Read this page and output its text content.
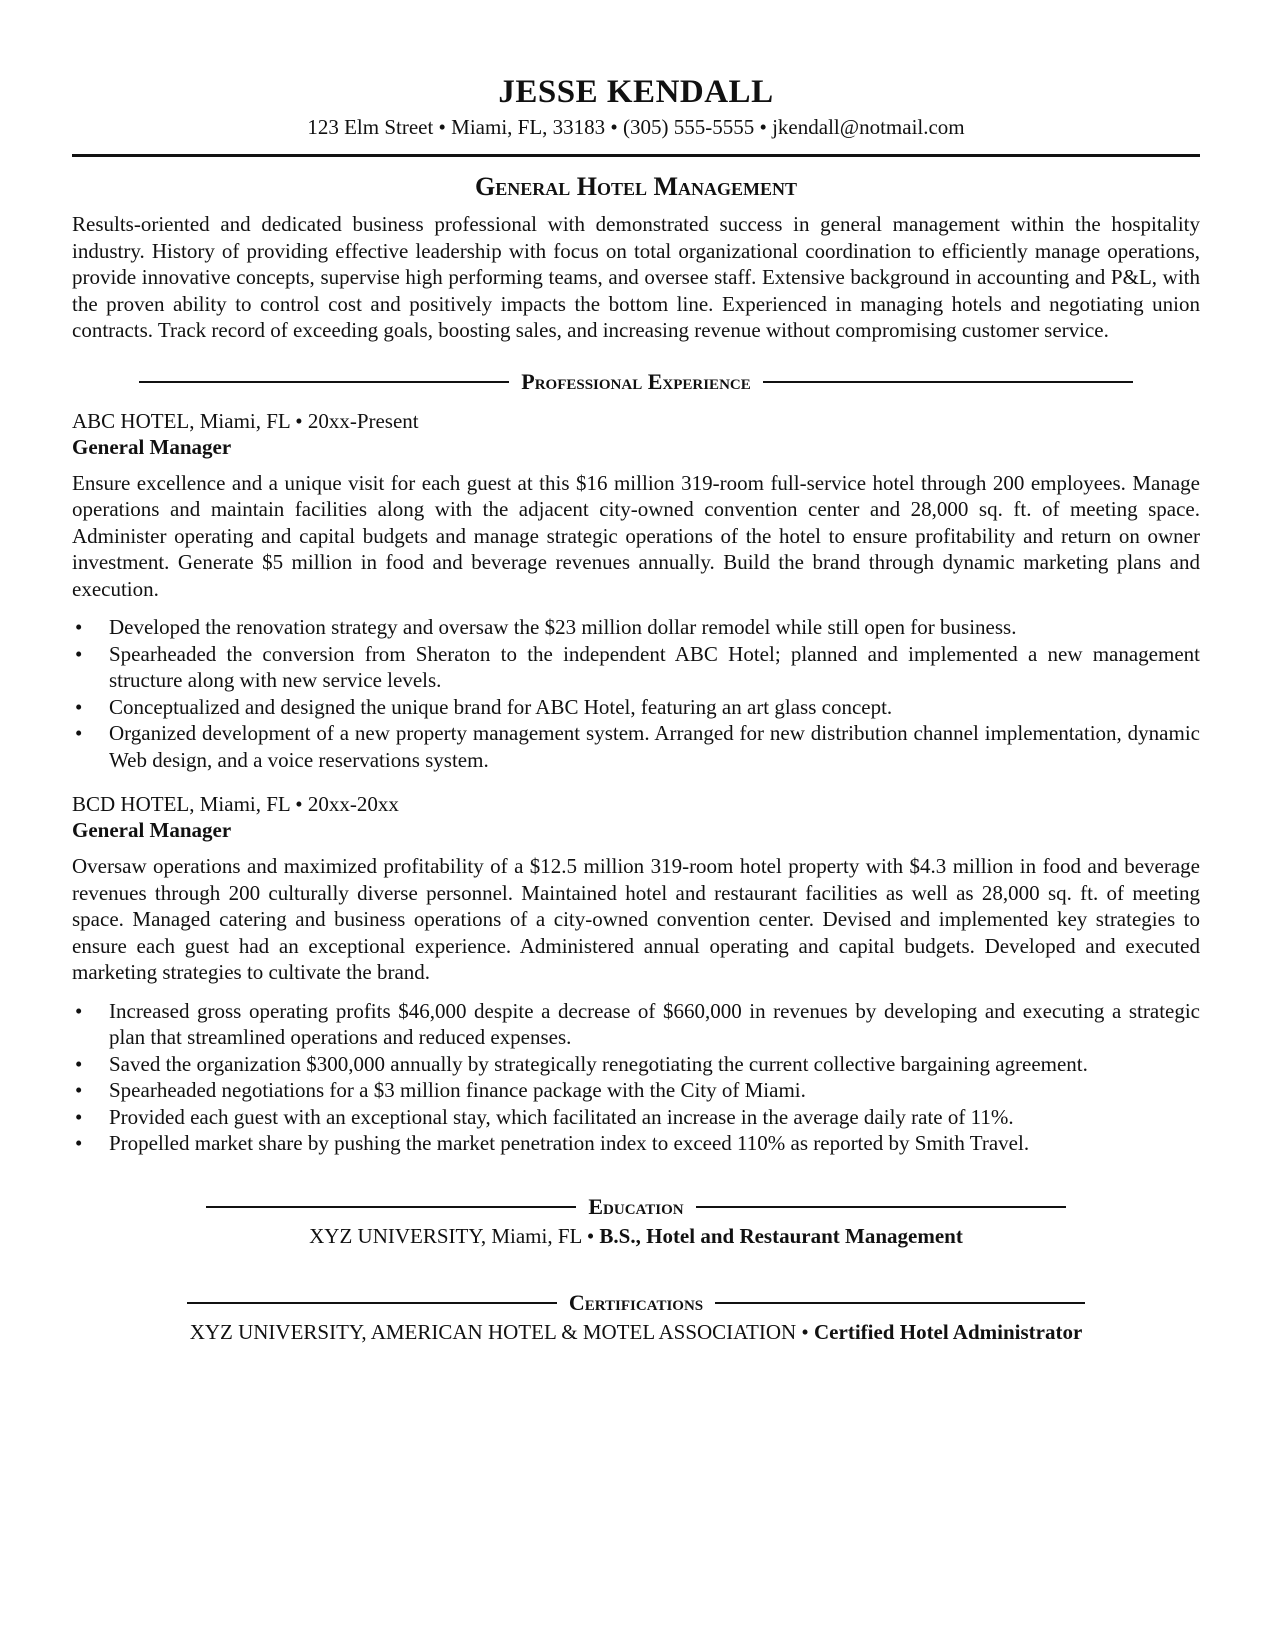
JESSE KENDALL
123 Elm Street • Miami, FL, 33183 • (305) 555-5555 • jkendall@notmail.com
General Hotel Management
Results-oriented and dedicated business professional with demonstrated success in general management within the hospitality industry. History of providing effective leadership with focus on total organizational coordination to efficiently manage operations, provide innovative concepts, supervise high performing teams, and oversee staff. Extensive background in accounting and P&L, with the proven ability to control cost and positively impacts the bottom line. Experienced in managing hotels and negotiating union contracts. Track record of exceeding goals, boosting sales, and increasing revenue without compromising customer service.
Professional Experience
ABC HOTEL, Miami, FL • 20xx-Present
General Manager
Ensure excellence and a unique visit for each guest at this $16 million 319-room full-service hotel through 200 employees. Manage operations and maintain facilities along with the adjacent city-owned convention center and 28,000 sq. ft. of meeting space. Administer operating and capital budgets and manage strategic operations of the hotel to ensure profitability and return on owner investment. Generate $5 million in food and beverage revenues annually. Build the brand through dynamic marketing plans and execution.
• Developed the renovation strategy and oversaw the $23 million dollar remodel while still open for business.
• Spearheaded the conversion from Sheraton to the independent ABC Hotel; planned and implemented a new management structure along with new service levels.
• Conceptualized and designed the unique brand for ABC Hotel, featuring an art glass concept.
• Organized development of a new property management system. Arranged for new distribution channel implementation, dynamic Web design, and a voice reservations system.
BCD HOTEL, Miami, FL • 20xx-20xx
General Manager
Oversaw operations and maximized profitability of a $12.5 million 319-room hotel property with $4.3 million in food and beverage revenues through 200 culturally diverse personnel. Maintained hotel and restaurant facilities as well as 28,000 sq. ft. of meeting space. Managed catering and business operations of a city-owned convention center. Devised and implemented key strategies to ensure each guest had an exceptional experience. Administered annual operating and capital budgets. Developed and executed marketing strategies to cultivate the brand.
• Increased gross operating profits $46,000 despite a decrease of $660,000 in revenues by developing and executing a strategic plan that streamlined operations and reduced expenses.
• Saved the organization $300,000 annually by strategically renegotiating the current collective bargaining agreement.
• Spearheaded negotiations for a $3 million finance package with the City of Miami.
• Provided each guest with an exceptional stay, which facilitated an increase in the average daily rate of 11%.
• Propelled market share by pushing the market penetration index to exceed 110% as reported by Smith Travel.
Education
XYZ UNIVERSITY, Miami, FL • B.S., Hotel and Restaurant Management
Certifications
XYZ UNIVERSITY, AMERICAN HOTEL & MOTEL ASSOCIATION • Certified Hotel Administrator
